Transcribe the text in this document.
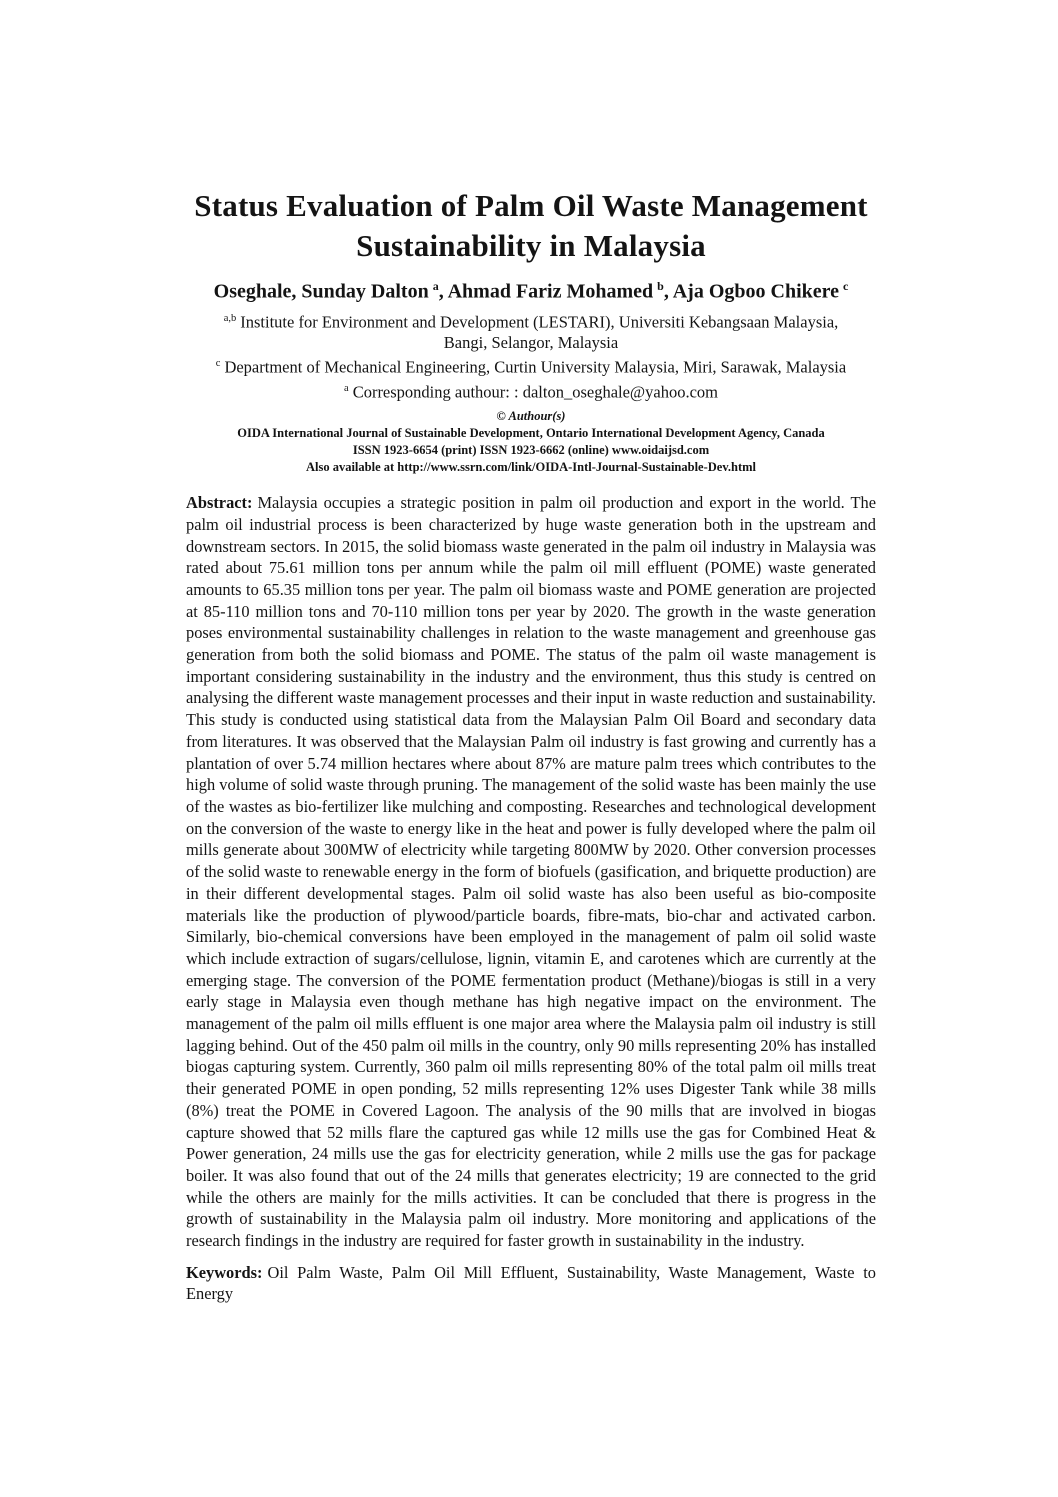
Status Evaluation of Palm Oil Waste Management
Sustainability in Malaysia
Oseghale, Sunday Dalton $^a$, Ahmad Fariz Mohamed $^b$, Aja Ogboo Chikere $^c$
$^{a,b}$ Institute for Environment and Development (LESTARI), Universiti Kebangsaan Malaysia,
Bangi, Selangor, Malaysia
$^c$ Department of Mechanical Engineering, Curtin University Malaysia, Miri, Sarawak, Malaysia
$^a$ Corresponding authour: : dalton_oseghale@yahoo.com
© Authour(s)
OIDA International Journal of Sustainable Development, Ontario International Development Agency, Canada
ISSN 1923-6654 (print) ISSN 1923-6662 (online) www.oidaijsd.com
Also available at http://www.ssrn.com/link/OIDA-Intl-Journal-Sustainable-Dev.html

Abstract: Malaysia occupies a strategic position in palm oil production and export in the world. The palm oil industrial process is been characterized by huge waste generation both in the upstream and downstream sectors. In 2015, the solid biomass waste generated in the palm oil industry in Malaysia was rated about 75.61 million tons per annum while the palm oil mill effluent (POME) waste generated amounts to 65.35 million tons per year. The palm oil biomass waste and POME generation are projected at 85-110 million tons and 70-110 million tons per year by 2020. The growth in the waste generation poses environmental sustainability challenges in relation to the waste management and greenhouse gas generation from both the solid biomass and POME. The status of the palm oil waste management is important considering sustainability in the industry and the environment, thus this study is centred on analysing the different waste management processes and their input in waste reduction and sustainability. This study is conducted using statistical data from the Malaysian Palm Oil Board and secondary data from literatures. It was observed that the Malaysian Palm oil industry is fast growing and currently has a plantation of over 5.74 million hectares where about 87% are mature palm trees which contributes to the high volume of solid waste through pruning. The management of the solid waste has been mainly the use of the wastes as bio-fertilizer like mulching and composting. Researches and technological development on the conversion of the waste to energy like in the heat and power is fully developed where the palm oil mills generate about 300MW of electricity while targeting 800MW by 2020. Other conversion processes of the solid waste to renewable energy in the form of biofuels (gasification, and briquette production) are in their different developmental stages. Palm oil solid waste has also been useful as bio-composite materials like the production of plywood/particle boards, fibre-mats, bio-char and activated carbon. Similarly, bio-chemical conversions have been employed in the management of palm oil solid waste which include extraction of sugars/cellulose, lignin, vitamin E, and carotenes which are currently at the emerging stage. The conversion of the POME fermentation product (Methane)/biogas is still in a very early stage in Malaysia even though methane has high negative impact on the environment. The management of the palm oil mills effluent is one major area where the Malaysia palm oil industry is still lagging behind. Out of the 450 palm oil mills in the country, only 90 mills representing 20% has installed biogas capturing system. Currently, 360 palm oil mills representing 80% of the total palm oil mills treat their generated POME in open ponding, 52 mills representing 12% uses Digester Tank while 38 mills (8%) treat the POME in Covered Lagoon. The analysis of the 90 mills that are involved in biogas capture showed that 52 mills flare the captured gas while 12 mills use the gas for Combined Heat & Power generation, 24 mills use the gas for electricity generation, while 2 mills use the gas for package boiler. It was also found that out of the 24 mills that generates electricity; 19 are connected to the grid while the others are mainly for the mills activities. It can be concluded that there is progress in the growth of sustainability in the Malaysia palm oil industry. More monitoring and applications of the research findings in the industry are required for faster growth in sustainability in the industry.

Keywords: Oil Palm Waste, Palm Oil Mill Effluent, Sustainability, Waste Management, Waste to Energy
